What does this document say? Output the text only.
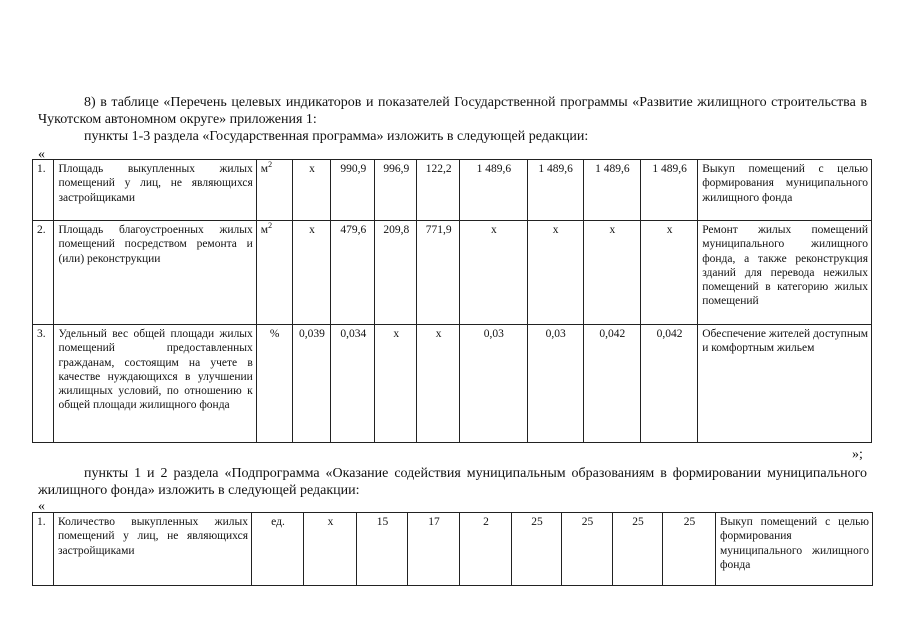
8) в таблице «Перечень целевых индикаторов и показателей Государственной программы «Развитие жилищного строительства в Чукотском автономном округе» приложения 1:
пункты 1-3 раздела «Государственная программа» изложить в следующей редакции:
«
1.	Площадь выкупленных жилых помещений у лиц, не являющихся застройщиками	$м^2$	x	990,9	996,9	122,2	1 489,6	1 489,6	1 489,6	1 489,6	Выкуп помещений с целью формирования муниципального жилищного фонда
2.	Площадь благоустроенных жилых помещений посредством ремонта и (или) реконструкции	$м^2$	x	479,6	209,8	771,9	x	x	x	x	Ремонт жилых помещений муниципального жилищного фонда, а также реконструкция зданий для перевода нежилых помещений в категорию жилых помещений
3.	Удельный вес общей площади жилых помещений предоставленных гражданам, состоящим на учете в качестве нуждающихся в улучшении жилищных условий, по отношению к общей площади жилищного фонда	%	0,039	0,034	x	x	0,03	0,03	0,042	0,042	Обеспечение жителей доступным и комфортным жильем
»;
пункты 1 и 2 раздела «Подпрограмма «Оказание содействия муниципальным образованиям в формировании муниципального жилищного фонда» изложить в следующей редакции:
«
1.	Количество выкупленных жилых помещений у лиц, не являющихся застройщиками	ед.	x	15	17	2	25	25	25	25	Выкуп помещений с целью формирования муниципального жилищного фонда
